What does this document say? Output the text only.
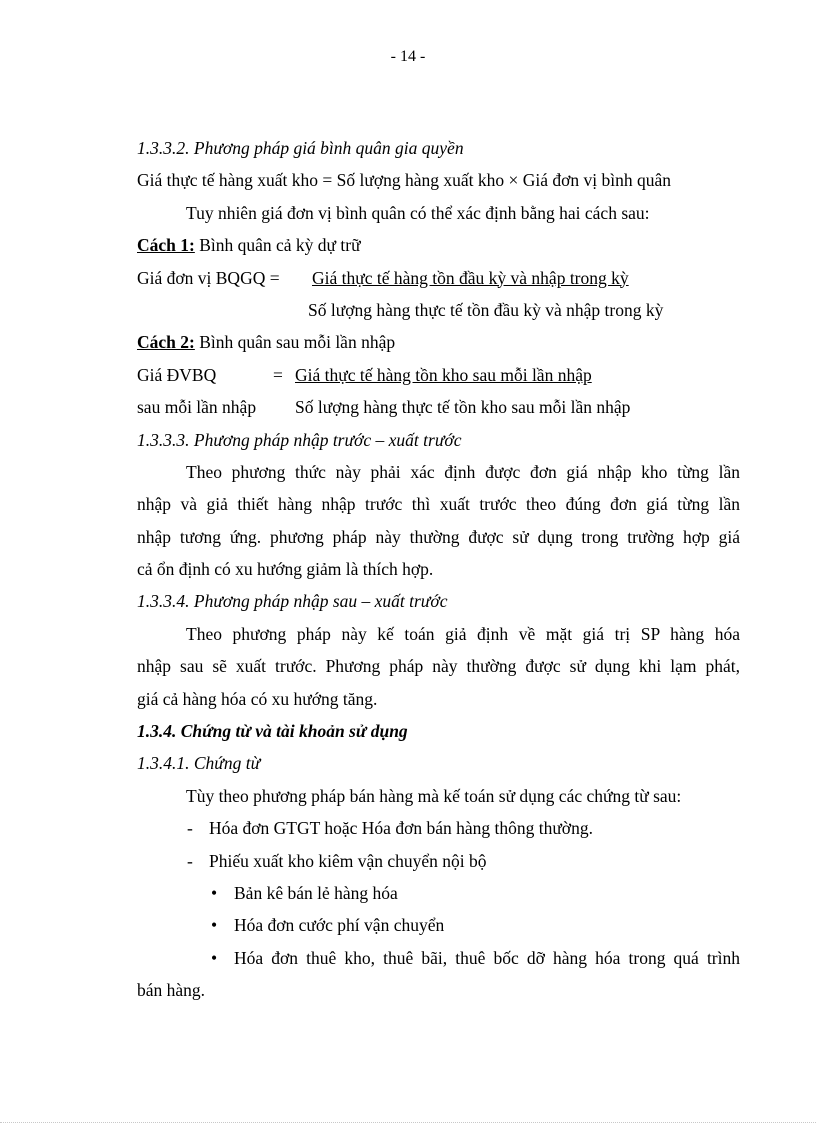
- 14 -
1.3.3.2. Phương pháp giá bình quân gia quyền
Giá thực tế hàng xuất kho = Số lượng hàng xuất kho × Giá đơn vị bình quân
Tuy nhiên giá đơn vị bình quân có thể xác định bằng hai cách sau:
Cách 1: Bình quân cả kỳ dự trữ
Giá đơn vị BQGQ = Giá thực tế hàng tồn đầu kỳ và nhập trong kỳ
Số lượng hàng thực tế tồn đầu kỳ và nhập trong kỳ
Cách 2: Bình quân sau mỗi lần nhập
Giá ĐVBQ	= Giá thực tế hàng tồn kho sau mỗi lần nhập
sau mỗi lần nhập Số lượng hàng thực tế tồn kho sau mỗi lần nhập
1.3.3.3. Phương pháp nhập trước – xuất trước
Theo phương thức này phải xác định được đơn giá nhập kho từng lần
nhập và giả thiết hàng nhập trước thì xuất trước theo đúng đơn giá từng lần
nhập tương ứng. phương pháp này thường được sử dụng trong trường hợp giá
cả ổn định có xu hướng giảm là thích hợp.
1.3.3.4. Phương pháp nhập sau – xuất trước
Theo phương pháp này kế toán giả định về mặt giá trị SP hàng hóa
nhập sau sẽ xuất trước. Phương pháp này thường được sử dụng khi lạm phát,
giá cả hàng hóa có xu hướng tăng.
1.3.4. Chứng từ và tài khoản sử dụng
1.3.4.1. Chứng từ
Tùy theo phương pháp bán hàng mà kế toán sử dụng các chứng từ sau:
- Hóa đơn GTGT hoặc Hóa đơn bán hàng thông thường.
- Phiếu xuất kho kiêm vận chuyển nội bộ
• Bản kê bán lẻ hàng hóa
• Hóa đơn cước phí vận chuyển
• Hóa đơn thuê kho, thuê bãi, thuê bốc dỡ hàng hóa trong quá trình
bán hàng.
